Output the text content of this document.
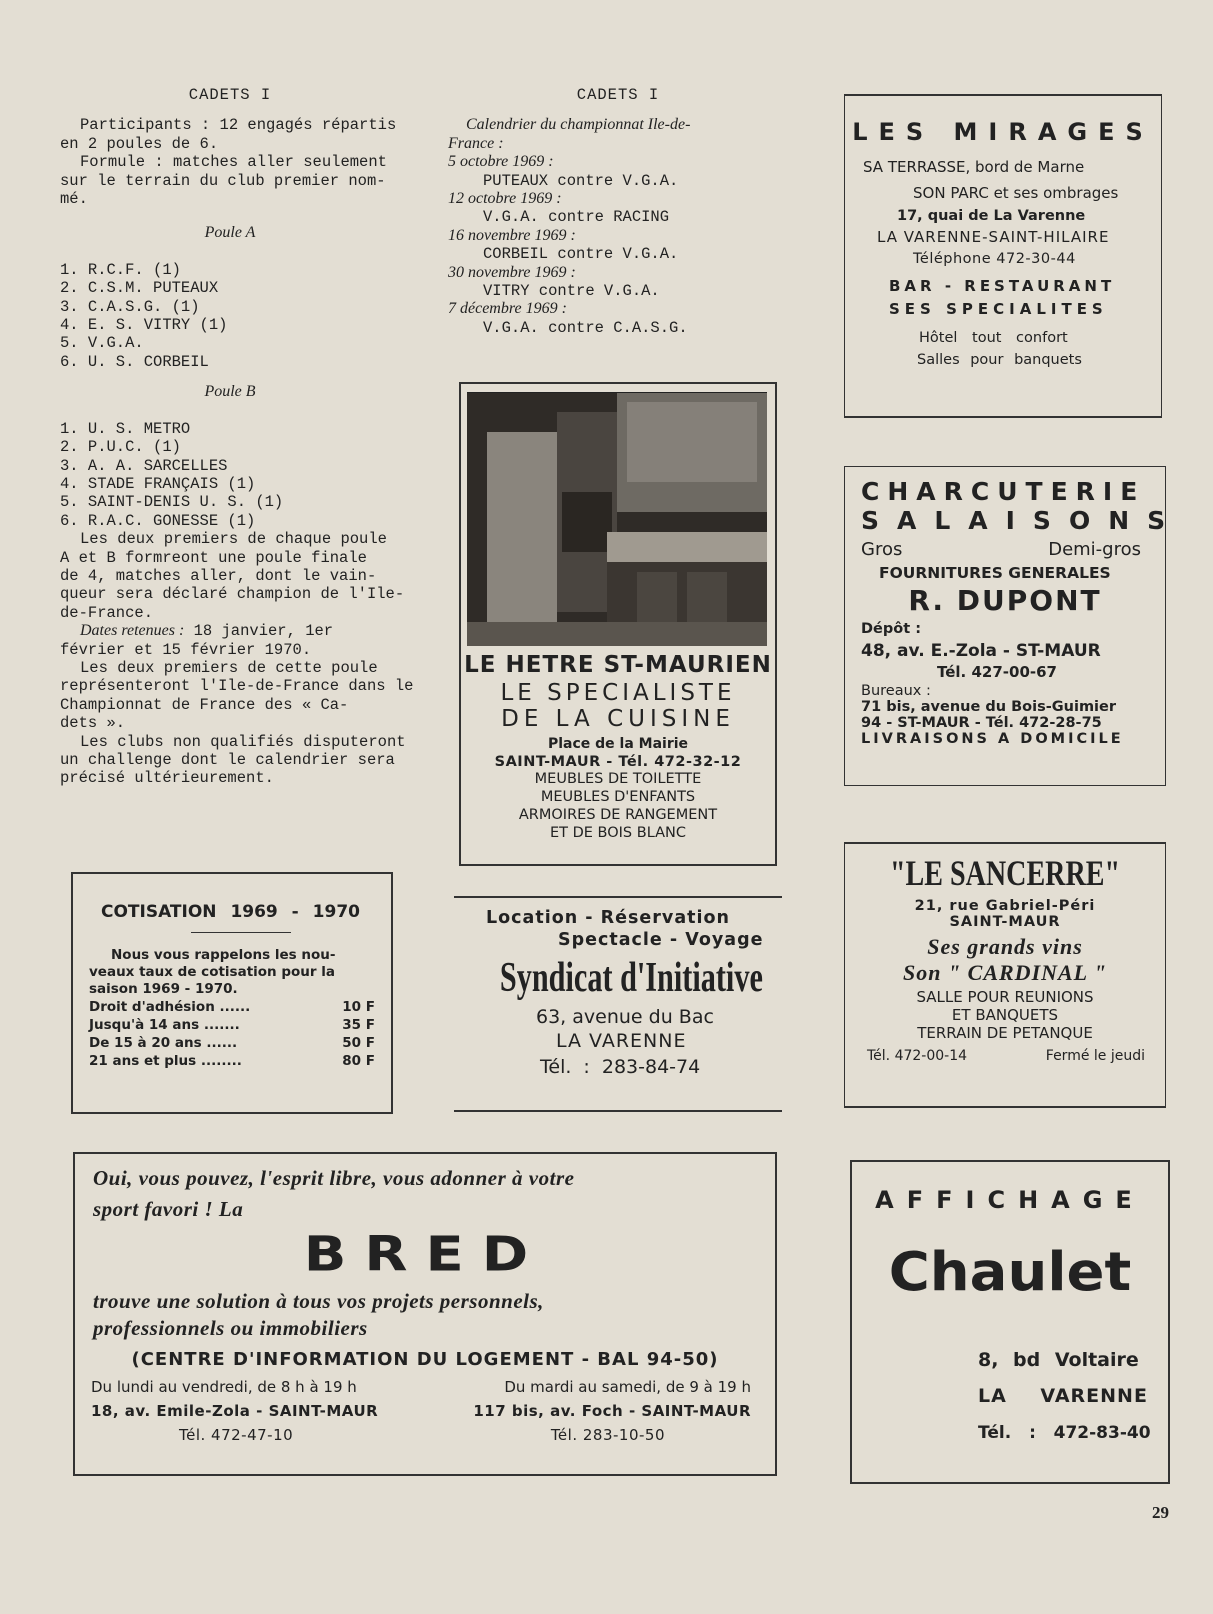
CADETS I
Participants : 12 engagés répartis
en 2 poules de 6.
Formule : matches aller seulement
sur le terrain du club premier nom-
mé.
Poule A
1. R.C.F. (1)
2. C.S.M. PUTEAUX
3. C.A.S.G. (1)
4. E. S. VITRY (1)
5. V.G.A.
6. U. S. CORBEIL
Poule B
1. U. S. METRO
2. P.U.C. (1)
3. A. A. SARCELLES
4. STADE FRANÇAIS (1)
5. SAINT-DENIS U. S. (1)
6. R.A.C. GONESSE (1)
Les deux premiers de chaque poule
A et B formreont une poule finale
de 4, matches aller, dont le vain-
queur sera déclaré champion de l'Ile-
de-France.
Dates retenues : 18 janvier, 1er
février et 15 février 1970.
Les deux premiers de cette poule
représenteront l'Ile-de-France dans le
Championnat de France des « Ca-
dets ».
Les clubs non qualifiés disputeront
un challenge dont le calendrier sera
précisé ultérieurement.
CADETS I
Calendrier du championnat Ile-de-
France :
5 octobre 1969 :
PUTEAUX contre V.G.A.
12 octobre 1969 :
V.G.A. contre RACING
16 novembre 1969 :
CORBEIL contre V.G.A.
30 novembre 1969 :
VITRY contre V.G.A.
7 décembre 1969 :
V.G.A. contre C.A.S.G.
LES MIRAGES
SA TERRASSE, bord de Marne
SON PARC et ses ombrages
17, quai de La Varenne
LA VARENNE-SAINT-HILAIRE
Téléphone 472-30-44
BAR - RESTAURANT
SES SPECIALITES
Hôtel tout confort
Salles pour banquets
LE HETRE ST-MAURIEN
LE SPECIALISTE
DE LA CUISINE
Place de la Mairie
SAINT-MAUR - Tél. 472-32-12
MEUBLES DE TOILETTE
MEUBLES D'ENFANTS
ARMOIRES DE RANGEMENT
ET DE BOIS BLANC
CHARCUTERIE
SALAISONS
Gros	Demi-gros
FOURNITURES GENERALES
R. DUPONT
Dépôt :
48, av. E.-Zola - ST-MAUR
Tél. 427-00-67
Bureaux :
71 bis, avenue du Bois-Guimier
94 - ST-MAUR - Tél. 472-28-75
LIVRAISONS A DOMICILE
COTISATION 1969 - 1970
Nous vous rappelons les nou-
veaux taux de cotisation pour la
saison 1969 - 1970.
Droit d'adhésion ......	10 F
Jusqu'à 14 ans .......	35 F
De 15 à 20 ans ......	50 F
21 ans et plus ........	80 F
Location - Réservation
Spectacle - Voyage
Syndicat d'Initiative
63, avenue du Bac
LA VARENNE
Tél. : 283-84-74
"LE SANCERRE"
21, rue Gabriel-Péri
SAINT-MAUR
Ses grands vins
Son " CARDINAL "
SALLE POUR REUNIONS
ET BANQUETS
TERRAIN DE PETANQUE
Tél. 472-00-14	Fermé le jeudi
Oui, vous pouvez, l'esprit libre, vous adonner à votre
sport favori ! La
BRED
trouve une solution à tous vos projets personnels,
professionnels ou immobiliers
(CENTRE D'INFORMATION DU LOGEMENT - BAL 94-50)
Du lundi au vendredi, de 8 h à 19 h	Du mardi au samedi, de 9 à 19 h
18, av. Emile-Zola - SAINT-MAUR	117 bis, av. Foch - SAINT-MAUR
Tél. 472-47-10	Tél. 283-10-50
AFFICHAGE
Chaulet
8, bd Voltaire
LA VARENNE
Tél. : 472-83-40
29
